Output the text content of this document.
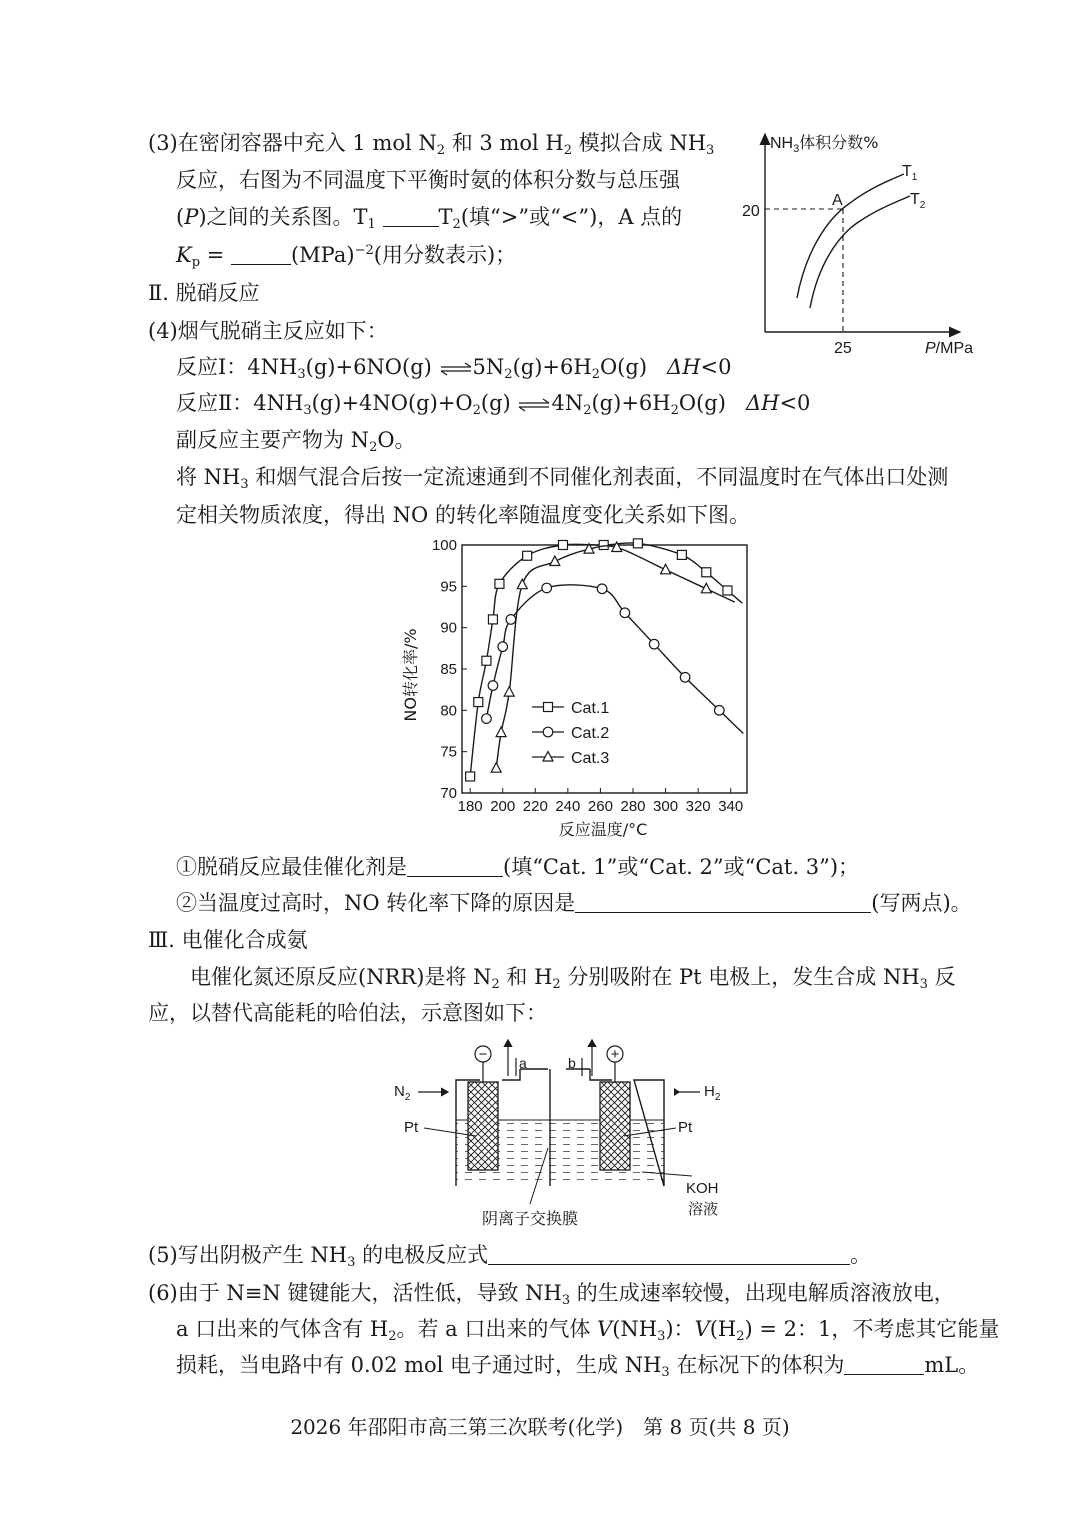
(3)在密闭容器中充入 1 mol $N_2$ 和 3 mol $H_2$ 模拟合成 $NH_3$
反应，右图为不同温度下平衡时氨的体积分数与总压强
(P)之间的关系图。$T_1$	$T_2$(填“>”或“<”)，A 点的
$K_p$ =	(MPa)$^{-2}$(用分数表示)；
$NH_3$体积分数%
20
25
A
$T_1$
$T_2$
P/MPa
Ⅱ. 脱硝反应
(4)烟气脱硝主反应如下：
反应Ⅰ：$4NH_3(g)+6NO(g)$ $\rightleftharpoons 5N_2(g)+6H_2O(g)$ ΔH<0
反应Ⅱ：$4NH_3(g)+4NO(g)+O_2(g)$ $\rightleftharpoons 4N_2(g)+6H_2O(g)$ ΔH<0
副反应主要产物为 $N_2O$。
将 $NH_3$ 和烟气混合后按一定流速通到不同催化剂表面，不同温度时在气体出口处测
定相关物质浓度，得出 NO 的转化率随温度变化关系如下图。
180 200 220 240 260 280 300 320 340
70
75
80
85
90
95
100
Cat.1
Cat.2
Cat.3
NO转化率/%
反应温度/°C
①脱硝反应最佳催化剂是	(填“Cat. 1”或“Cat. 2”或“Cat. 3”)；
②当温度过高时，NO 转化率下降的原因是	(写两点)。
Ⅲ. 电催化合成氨
电催化氮还原反应(NRR)是将 $N_2$ 和 $H_2$ 分别吸附在 Pt 电极上，发生合成 $NH_3$ 反
应，以替代高能耗的哈伯法，示意图如下：
−	+
a	b
$N_2$	$H_2$
Pt	Pt
KOH
溶液
阴离子交换膜
(5)写出阴极产生 $NH_3$ 的电极反应式	。
(6)由于 N≡N 键键能大，活性低，导致 $NH_3$ 的生成速率较慢，出现电解质溶液放电，
a 口出来的气体含有 $H_2$。若 a 口出来的气体 $V(NH_3)$：$V(H_2) = 2$：1，不考虑其它能量
损耗，当电路中有 0.02 mol 电子通过时，生成 $NH_3$ 在标况下的体积为	mL。
2026 年邵阳市高三第三次联考(化学)　第 8 页(共 8 页)
